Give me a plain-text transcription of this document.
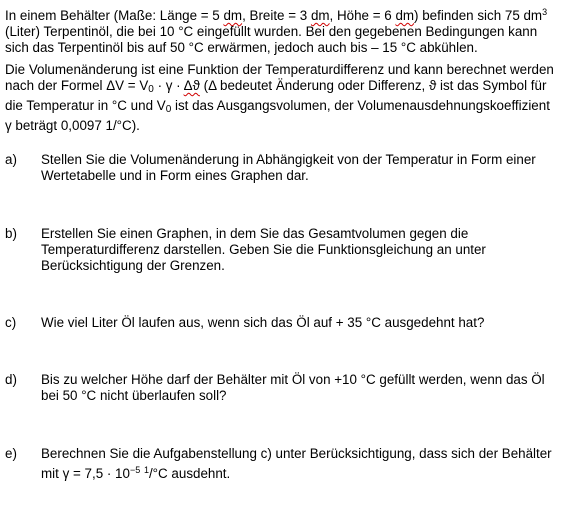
In einem Behälter (Maße: Länge = 5 dm, Breite = 3 dm, Höhe = 6 dm) befinden sich 75 $dm^3$ (Liter) Terpentinöl, die bei 10 °C eingefüllt wurden. Bei den gegebenen Bedingungen kann sich das Terpentinöl bis auf 50 °C erwärmen, jedoch auch bis – 15 °C abkühlen.

Die Volumenänderung ist eine Funktion der Temperaturdifferenz und kann berechnet werden nach der Formel ΔV = V0 · γ · Δϑ (Δ bedeutet Änderung oder Differenz, ϑ ist das Symbol für die Temperatur in °C und V0 ist das Ausgangsvolumen, der Volumenausdehnungskoeffizient γ beträgt 0,0097 1/°C).

a) Stellen Sie die Volumenänderung in Abhängigkeit von der Temperatur in Form einer Wertetabelle und in Form eines Graphen dar.
b) Erstellen Sie einen Graphen, in dem Sie das Gesamtvolumen gegen die Temperaturdifferenz darstellen. Geben Sie die Funktionsgleichung an unter Berücksichtigung der Grenzen.
c) Wie viel Liter Öl laufen aus, wenn sich das Öl auf + 35 °C ausgedehnt hat?
d) Bis zu welcher Höhe darf der Behälter mit Öl von +10 °C gefüllt werden, wenn das Öl bei 50 °C nicht überlaufen soll?
e) Berechnen Sie die Aufgabenstellung c) unter Berücksichtigung, dass sich der Behälter mit $\gamma = 7,5 \cdot 10^{-5}$ $^1$/°C ausdehnt.
